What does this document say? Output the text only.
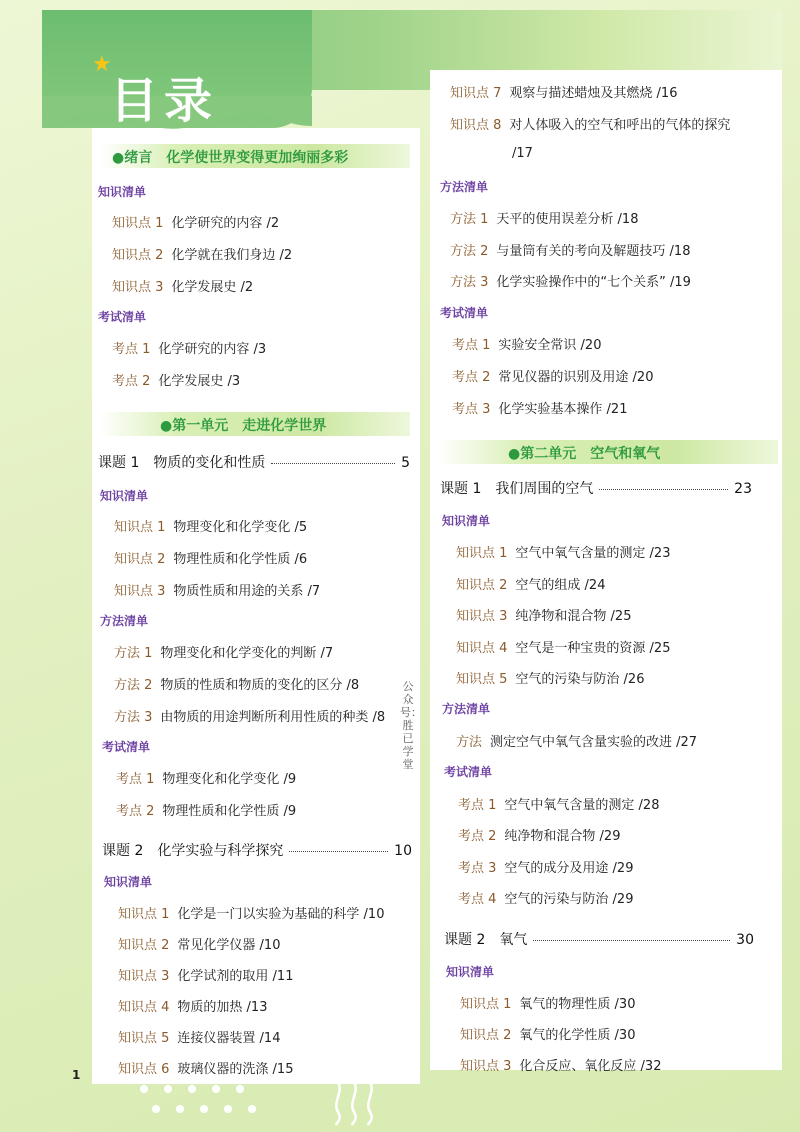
★
目录
●绪言　化学使世界变得更加绚丽多彩
知识清单
知识点 1 化学研究的内容 /2
知识点 2 化学就在我们身边 /2
知识点 3 化学发展史 /2
考试清单
考点 1 化学研究的内容 /3
考点 2 化学发展史 /3
●第一单元　走进化学世界
课题 1　物质的变化和性质	5
知识清单
知识点 1 物理变化和化学变化 /5
知识点 2 物理性质和化学性质 /6
知识点 3 物质性质和用途的关系 /7
方法清单
方法 1 物理变化和化学变化的判断 /7
方法 2 物质的性质和物质的变化的区分 /8
方法 3 由物质的用途判断所利用性质的种类 /8
考试清单
考点 1 物理变化和化学变化 /9
考点 2 物理性质和化学性质 /9
课题 2　化学实验与科学探究	10
知识清单
知识点 1 化学是一门以实验为基础的科学 /10
知识点 2 常见化学仪器 /10
知识点 3 化学试剂的取用 /11
知识点 4 物质的加热 /13
知识点 5 连接仪器装置 /14
知识点 6 玻璃仪器的洗涤 /15
知识点 7 观察与描述蜡烛及其燃烧 /16
知识点 8 对人体吸入的空气和呼出的气体的探究
/17
方法清单
方法 1 天平的使用误差分析 /18
方法 2 与量筒有关的考向及解题技巧 /18
方法 3 化学实验操作中的“七个关系” /19
考试清单
考点 1 实验安全常识 /20
考点 2 常见仪器的识别及用途 /20
考点 3 化学实验基本操作 /21
●第二单元　空气和氧气
课题 1　我们周围的空气	23
知识清单
知识点 1 空气中氧气含量的测定 /23
知识点 2 空气的组成 /24
知识点 3 纯净物和混合物 /25
知识点 4 空气是一种宝贵的资源 /25
知识点 5 空气的污染与防治 /26
方法清单
方法 测定空气中氧气含量实验的改进 /27
考试清单
考点 1 空气中氧气含量的测定 /28
考点 2 纯净物和混合物 /29
考点 3 空气的成分及用途 /29
考点 4 空气的污染与防治 /29
课题 2　氧气	30
知识清单
知识点 1 氧气的物理性质 /30
知识点 2 氧气的化学性质 /30
知识点 3 化合反应、氧化反应 /32
公众号：胜已学堂
1
